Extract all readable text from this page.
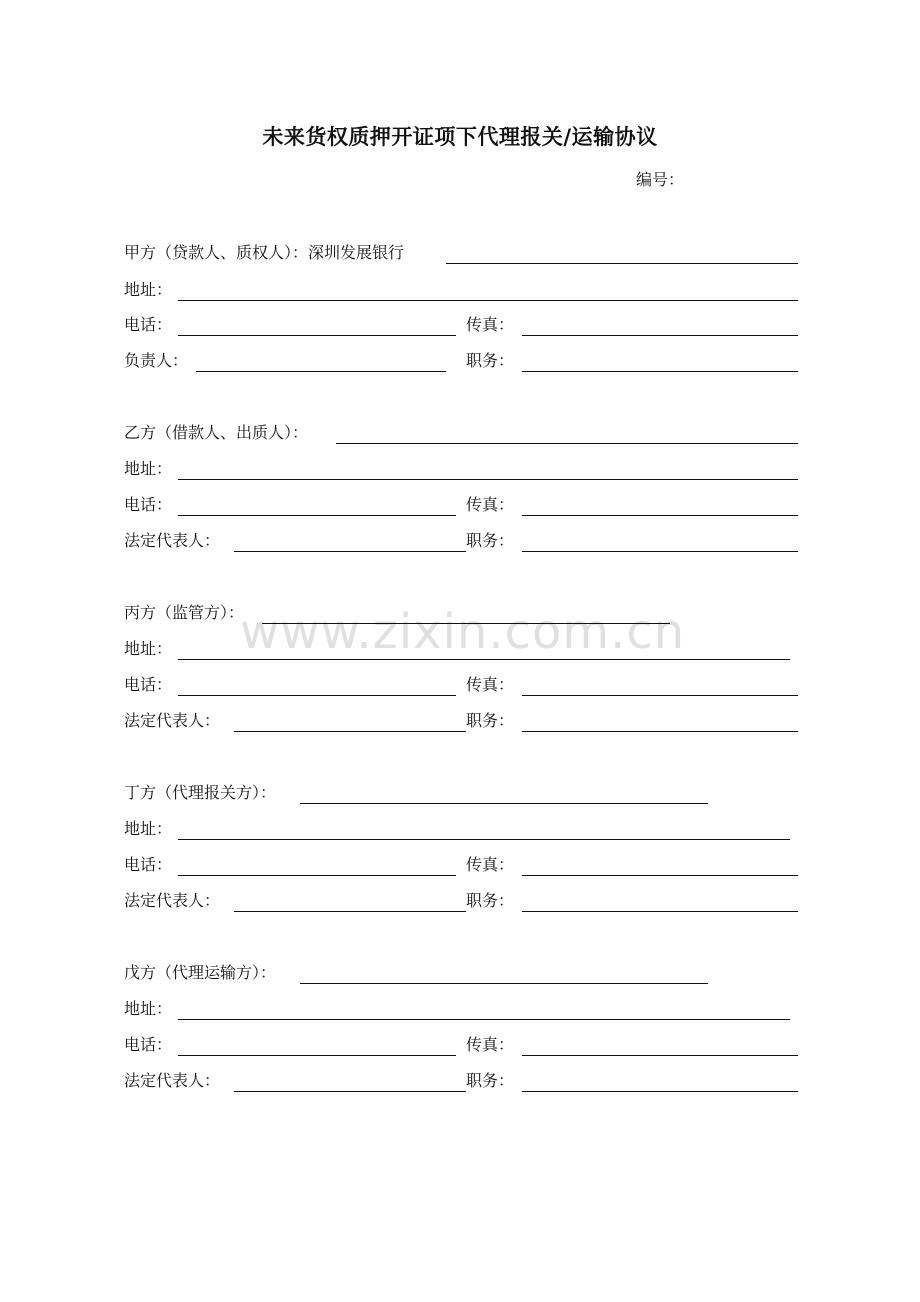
未来货权质押开证项下代理报关/运输协议
编号：
www.zixin.com.cn
甲方（贷款人、质权人）：深圳发展银行
地址：
电话：	传真：
负责人：	职务：
乙方（借款人、出质人）：
地址：
电话：	传真：
法定代表人：	职务：
丙方（监管方）：
地址：
电话：	传真：
法定代表人：	职务：
丁方（代理报关方）：
地址：
电话：	传真：
法定代表人：	职务：
戊方（代理运输方）：
地址：
电话：	传真：
法定代表人：	职务：
